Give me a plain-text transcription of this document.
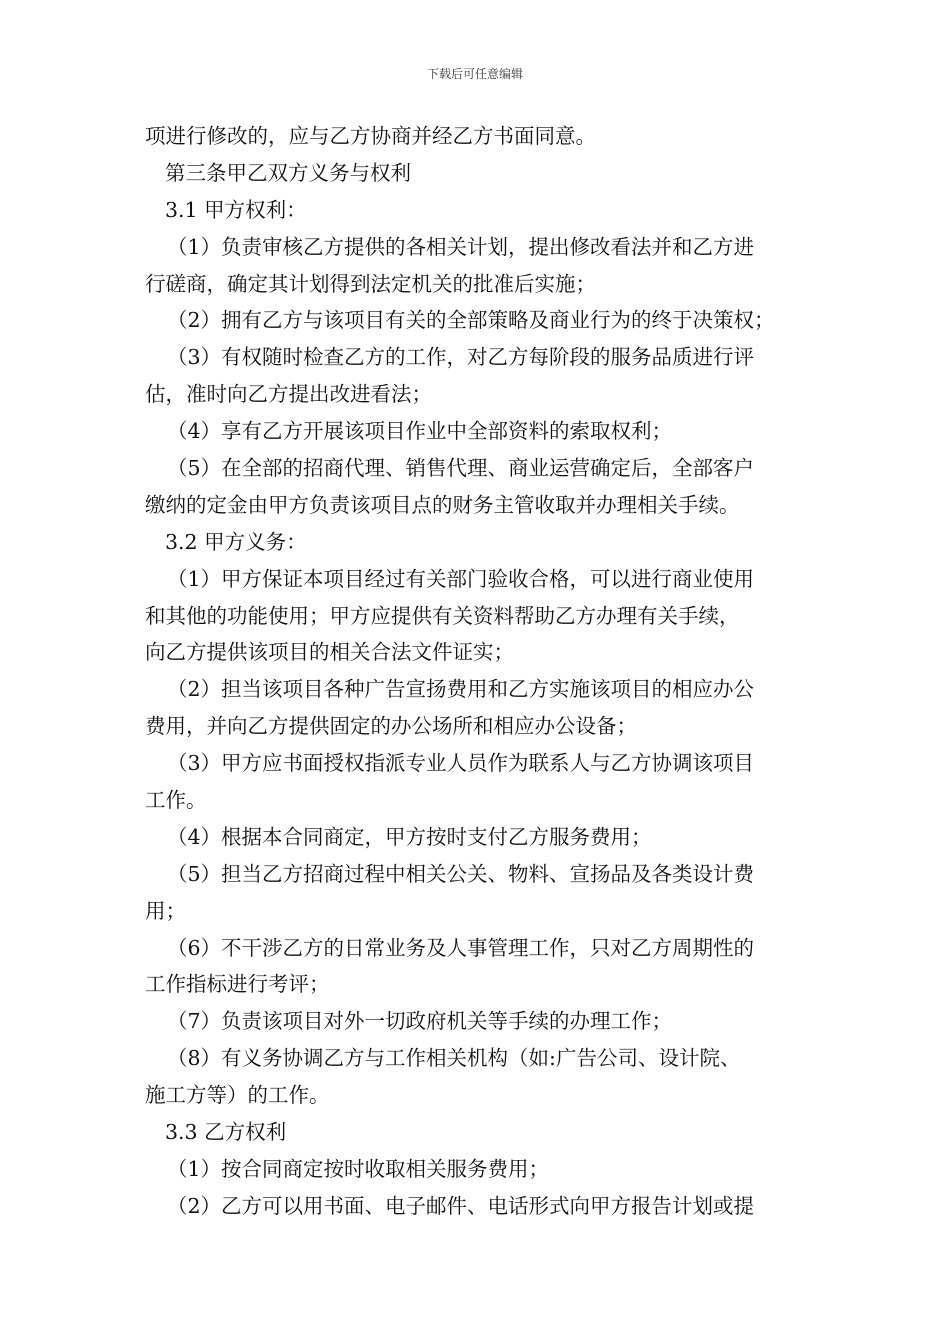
下载后可任意编辑
项进行修改的，应与乙方协商并经乙方书面同意。
第三条甲乙双方义务与权利
3.1 甲方权利：
（1）负责审核乙方提供的各相关计划，提出修改看法并和乙方进
行磋商，确定其计划得到法定机关的批准后实施；
（2）拥有乙方与该项目有关的全部策略及商业行为的终于决策权；
（3）有权随时检查乙方的工作，对乙方每阶段的服务品质进行评
估，准时向乙方提出改进看法；
（4）享有乙方开展该项目作业中全部资料的索取权利；
（5）在全部的招商代理、销售代理、商业运营确定后，全部客户
缴纳的定金由甲方负责该项目点的财务主管收取并办理相关手续。
3.2 甲方义务：
（1）甲方保证本项目经过有关部门验收合格，可以进行商业使用
和其他的功能使用；甲方应提供有关资料帮助乙方办理有关手续，
向乙方提供该项目的相关合法文件证实；
（2）担当该项目各种广告宣扬费用和乙方实施该项目的相应办公
费用，并向乙方提供固定的办公场所和相应办公设备；
（3）甲方应书面授权指派专业人员作为联系人与乙方协调该项目
工作。
（4）根据本合同商定，甲方按时支付乙方服务费用；
（5）担当乙方招商过程中相关公关、物料、宣扬品及各类设计费
用；
（6）不干涉乙方的日常业务及人事管理工作，只对乙方周期性的
工作指标进行考评；
（7）负责该项目对外一切政府机关等手续的办理工作；
（8）有义务协调乙方与工作相关机构（如:广告公司、设计院、
施工方等）的工作。
3.3 乙方权利
（1）按合同商定按时收取相关服务费用；
（2）乙方可以用书面、电子邮件、电话形式向甲方报告计划或提
